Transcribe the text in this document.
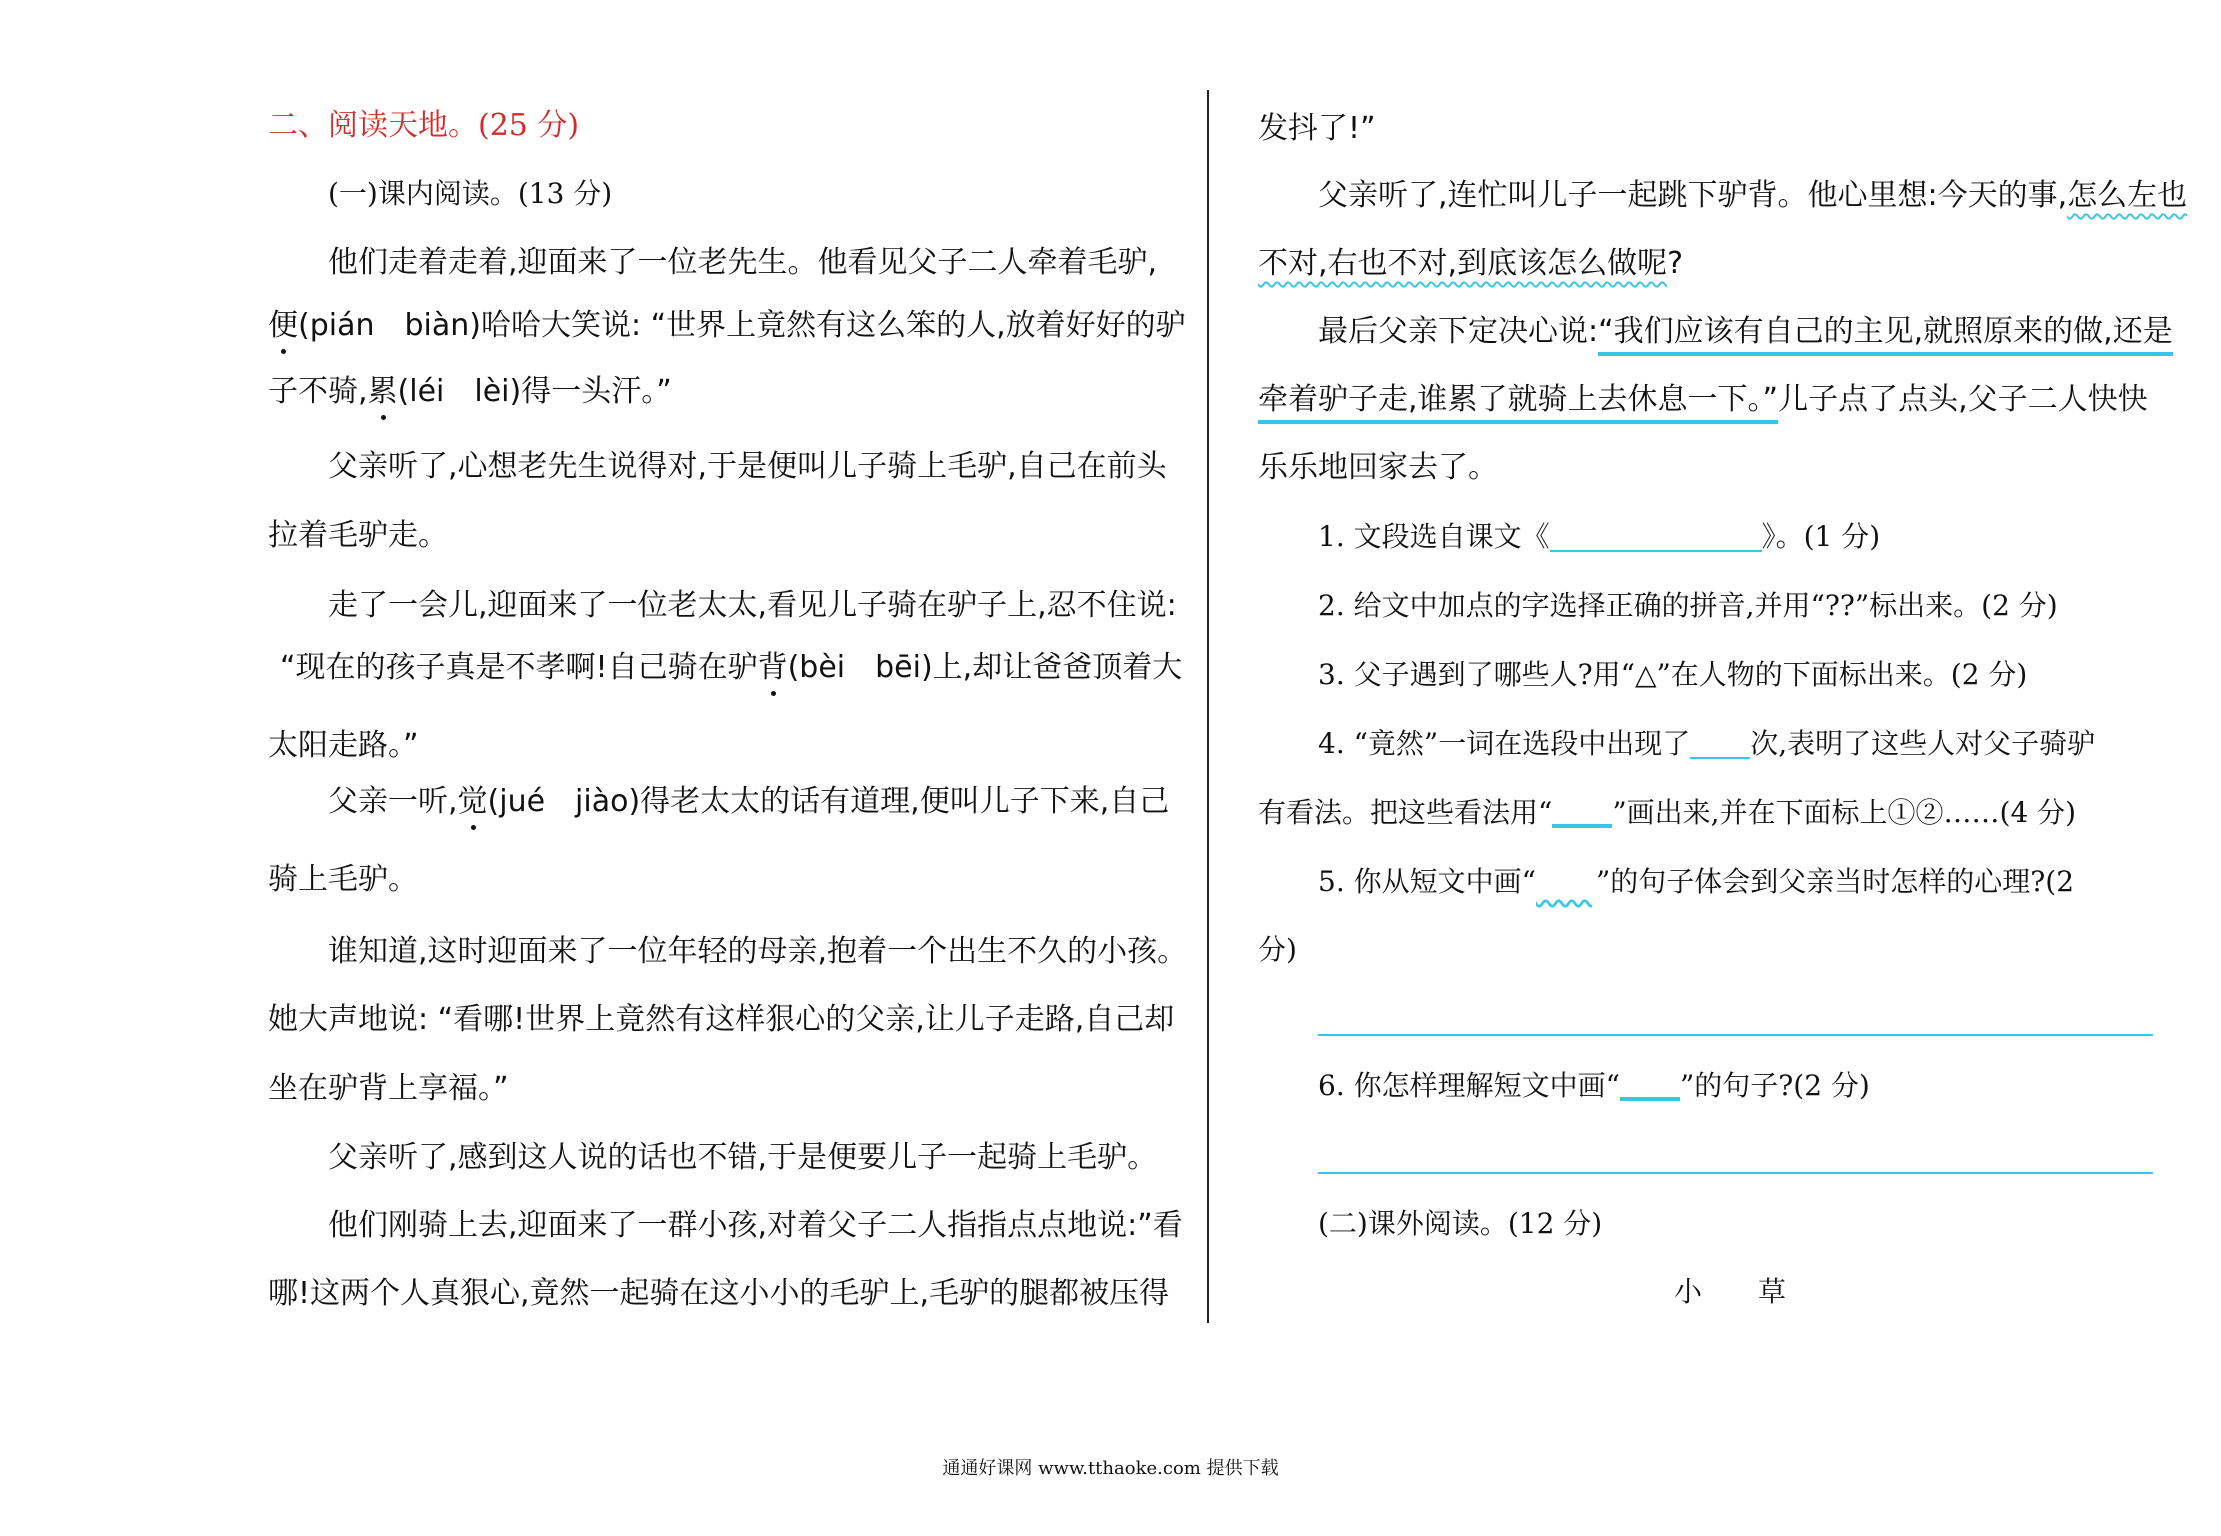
二、阅读天地。(25 分)
(一)课内阅读。(13 分)
他们走着走着,迎面来了一位老先生。他看见父子二人牵着毛驴,
便(pián　biàn)哈哈大笑说: “世界上竟然有这么笨的人,放着好好的驴
子不骑,累(léi　lèi)得一头汗。”
父亲听了,心想老先生说得对,于是便叫儿子骑上毛驴,自己在前头
拉着毛驴走。
走了一会儿,迎面来了一位老太太,看见儿子骑在驴子上,忍不住说:
“现在的孩子真是不孝啊!自己骑在驴背(bèi　bēi)上,却让爸爸顶着大
太阳走路。”
父亲一听,觉(jué　jiào)得老太太的话有道理,便叫儿子下来,自己
骑上毛驴。
谁知道,这时迎面来了一位年轻的母亲,抱着一个出生不久的小孩。
她大声地说: “看哪!世界上竟然有这样狠心的父亲,让儿子走路,自己却
坐在驴背上享福。”
父亲听了,感到这人说的话也不错,于是便要儿子一起骑上毛驴。
他们刚骑上去,迎面来了一群小孩,对着父子二人指指点点地说:”看
哪!这两个人真狠心,竟然一起骑在这小小的毛驴上,毛驴的腿都被压得
发抖了!”
父亲听了,连忙叫儿子一起跳下驴背。他心里想:今天的事,怎么左也
不对,右也不对,到底该怎么做呢?
最后父亲下定决心说:“我们应该有自己的主见,就照原来的做,还是
牵着驴子走,谁累了就骑上去休息一下。”儿子点了点头,父子二人快快
乐乐地回家去了。
1. 文段选自课文《	》。(1 分)
2. 给文中加点的字选择正确的拼音,并用“??”标出来。(2 分)
3. 父子遇到了哪些人?用“△”在人物的下面标出来。(2 分)
4. “竟然”一词在选段中出现了 次,表明了这些人对父子骑驴
有看法。把这些看法用“ ”画出来,并在下面标上①②……(4 分)
5. 你从短文中画“　　 ”的句子体会到父亲当时怎样的心理?(2
分)
6. 你怎样理解短文中画“ ”的句子?(2 分)
(二)课外阅读。(12 分)
小　　草
通通好课网 www.tthaoke.com 提供下载
